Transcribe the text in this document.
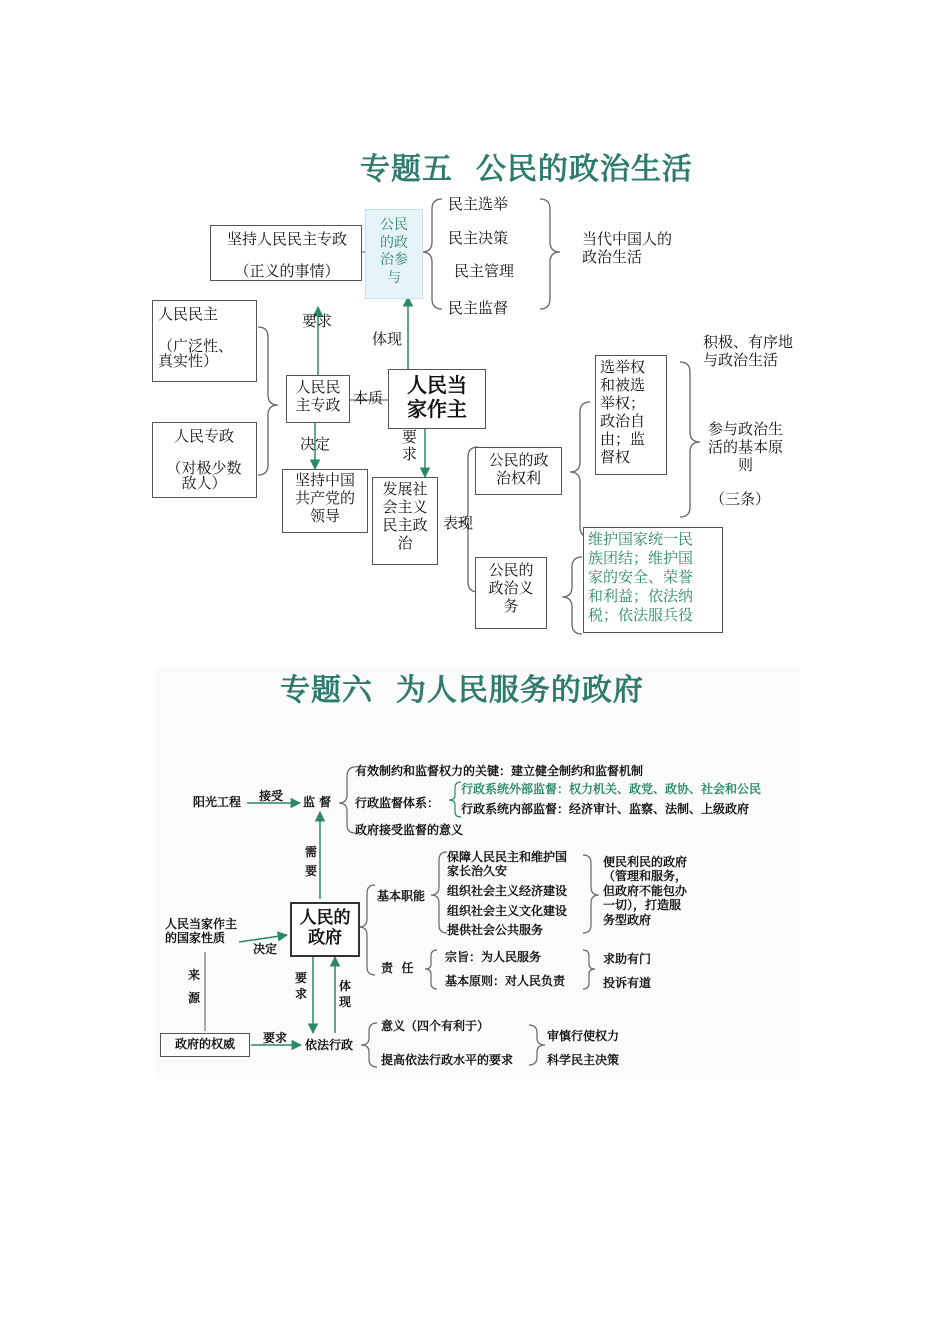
专题五  公民的政治生活
坚持人民民主专政

（正义的事情）
公民
的政
治参
与
民主选举
民主决策
民主管理
民主监督
当代中国人的
政治生活
人民民主

（广泛性、
真实性）
人民专政

（对极少数
敌人）
要求
体现
人民民
主专政 本质
人民当
家作主
决定	要
求
坚持中国
共产党的
领导
发展社
会主义
民主政
治
表现
公民的政
治权利
公民的
政治义
务
选举权
和被选
举权；
政治自
由；监
督权
维护国家统一民
族团结；维护国
家的安全、荣誉
和利益；依法纳
税；依法服兵役
积极、有序地
与政治生活
参与政治生
活的基本原
则
（三条）
专题六  为人民服务的政府
阳光工程 接受 监 督
有效制约和监督权力的关键：建立健全制约和监督机制
行政监督体系：
行政系统外部监督：权力机关、政党、政协、社会和公民
行政系统内部监督：经济审计、监察、法制、上级政府
政府接受监督的意义
需
要
人民当家作主
的国家性质
决定
人民的
政府
基本职能
保障人民民主和维护国
家长治久安
组织社会主义经济建设
组织社会主义文化建设
提供社会公共服务
便民利民的政府
（管理和服务，
但政府不能包办
一切），打造服
务型政府
责  任
宗旨：为人民服务
基本原则：对人民负责
求助有门
投诉有道
来

源
要
求
体
现
政府的权威	要求 依法行政
意义（四个有利于）
提高依法行政水平的要求
审慎行使权力
科学民主决策
